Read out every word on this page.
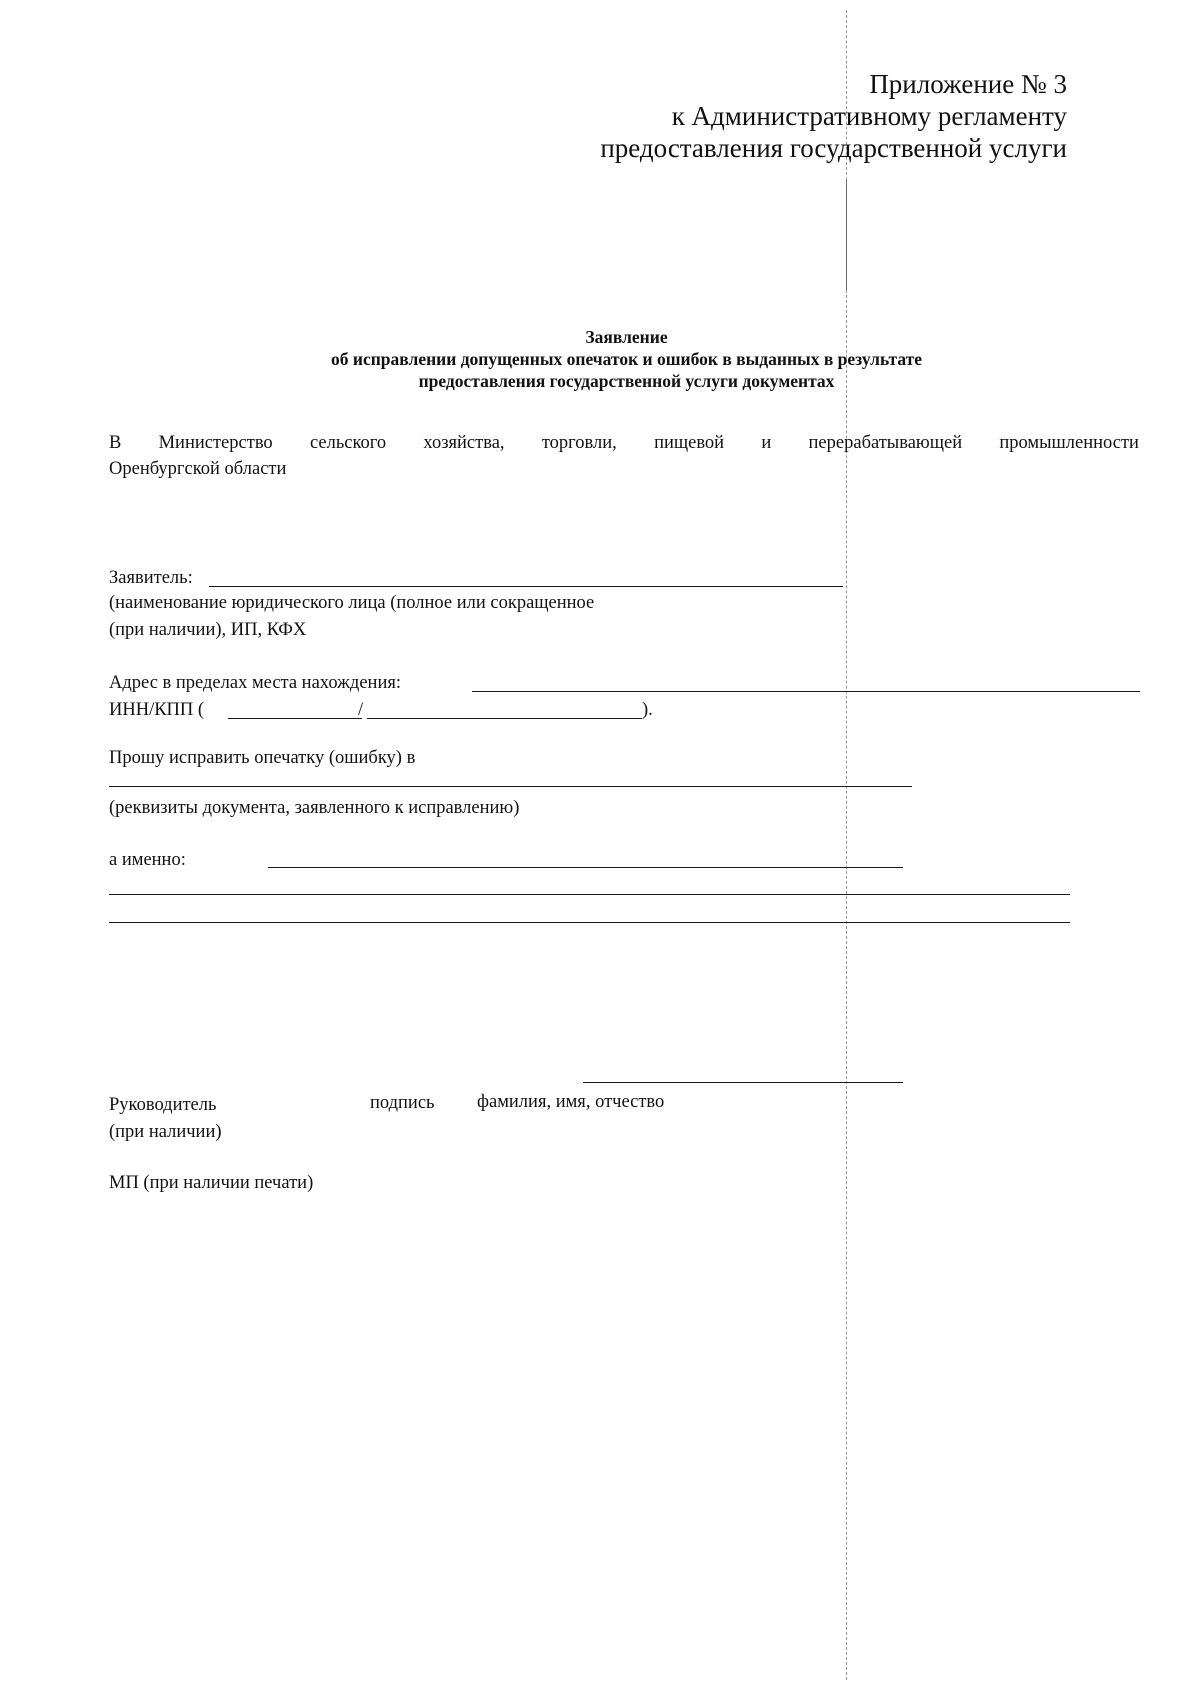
Приложение № 3
к Административному регламенту
предоставления государственной услуги
Заявление
об исправлении допущенных опечаток и ошибок в выданных в результате
предоставления государственной услуги документах
В Министерство сельского хозяйства, торговли, пищевой и перерабатывающей промышленности
Оренбургской области
Заявитель:
(наименование юридического лица (полное или сокращенное
(при наличии), ИП, КФХ
Адрес в пределах места нахождения:
ИНН/КПП (	/	).
Прошу исправить опечатку (ошибку) в
(реквизиты документа, заявленного к исправлению)
а именно:
Руководитель	подпись фамилия, имя, отчество
(при наличии)
МП (при наличии печати)
